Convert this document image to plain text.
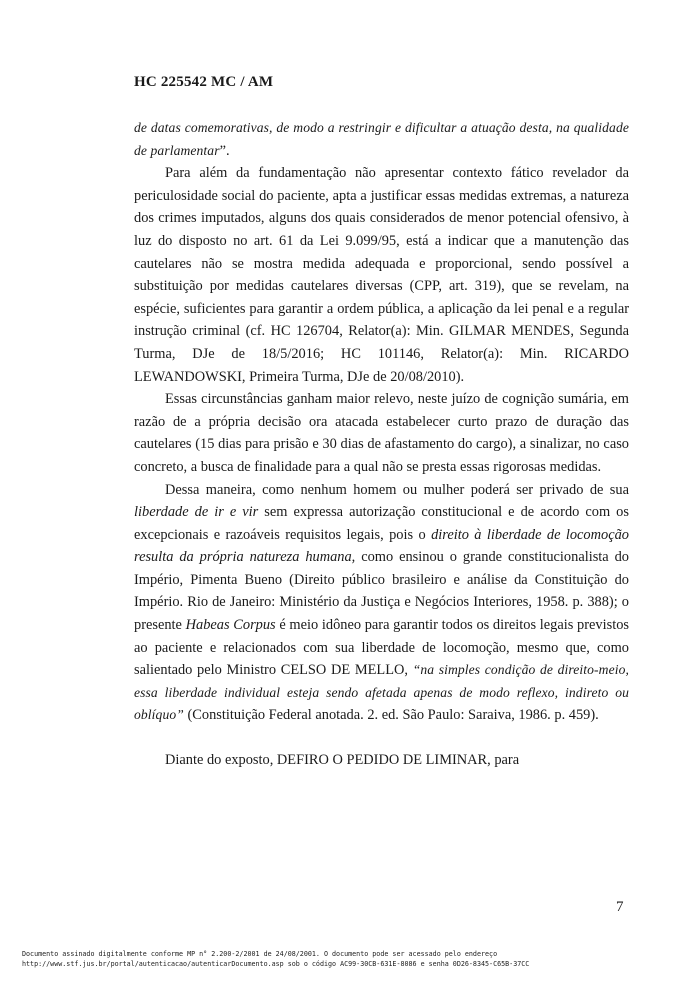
HC 225542 MC / AM

de datas comemorativas, de modo a restringir e dificultar a atuação desta, na qualidade de parlamentar”.

Para além da fundamentação não apresentar contexto fático revelador da periculosidade social do paciente, apta a justificar essas medidas extremas, a natureza dos crimes imputados, alguns dos quais considerados de menor potencial ofensivo, à luz do disposto no art. 61 da Lei 9.099/95, está a indicar que a manutenção das cautelares não se mostra medida adequada e proporcional, sendo possível a substituição por medidas cautelares diversas (CPP, art. 319), que se revelam, na espécie, suficientes para garantir a ordem pública, a aplicação da lei penal e a regular instrução criminal (cf. HC 126704, Relator(a): Min. GILMAR MENDES, Segunda Turma, DJe de 18/5/2016; HC 101146, Relator(a): Min. RICARDO LEWANDOWSKI, Primeira Turma, DJe de 20/08/2010).

Essas circunstâncias ganham maior relevo, neste juízo de cognição sumária, em razão de a própria decisão ora atacada estabelecer curto prazo de duração das cautelares (15 dias para prisão e 30 dias de afastamento do cargo), a sinalizar, no caso concreto, a busca de finalidade para a qual não se presta essas rigorosas medidas.

Dessa maneira, como nenhum homem ou mulher poderá ser privado de sua liberdade de ir e vir sem expressa autorização constitucional e de acordo com os excepcionais e razoáveis requisitos legais, pois o direito à liberdade de locomoção resulta da própria natureza humana, como ensinou o grande constitucionalista do Império, Pimenta Bueno (Direito público brasileiro e análise da Constituição do Império. Rio de Janeiro: Ministério da Justiça e Negócios Interiores, 1958. p. 388); o presente Habeas Corpus é meio idôneo para garantir todos os direitos legais previstos ao paciente e relacionados com sua liberdade de locomoção, mesmo que, como salientado pelo Ministro CELSO DE MELLO, “na simples condição de direito-meio, essa liberdade individual esteja sendo afetada apenas de modo reflexo, indireto ou oblíquo” (Constituição Federal anotada. 2. ed. São Paulo: Saraiva, 1986. p. 459).

Diante do exposto, DEFIRO O PEDIDO DE LIMINAR, para

7
Documento assinado digitalmente conforme MP n° 2.200-2/2001 de 24/08/2001. O documento pode ser acessado pelo endereço
http://www.stf.jus.br/portal/autenticacao/autenticarDocumento.asp sob o código AC99-30CB-631E-8086 e senha 0D26-8345-C65B-37CC
